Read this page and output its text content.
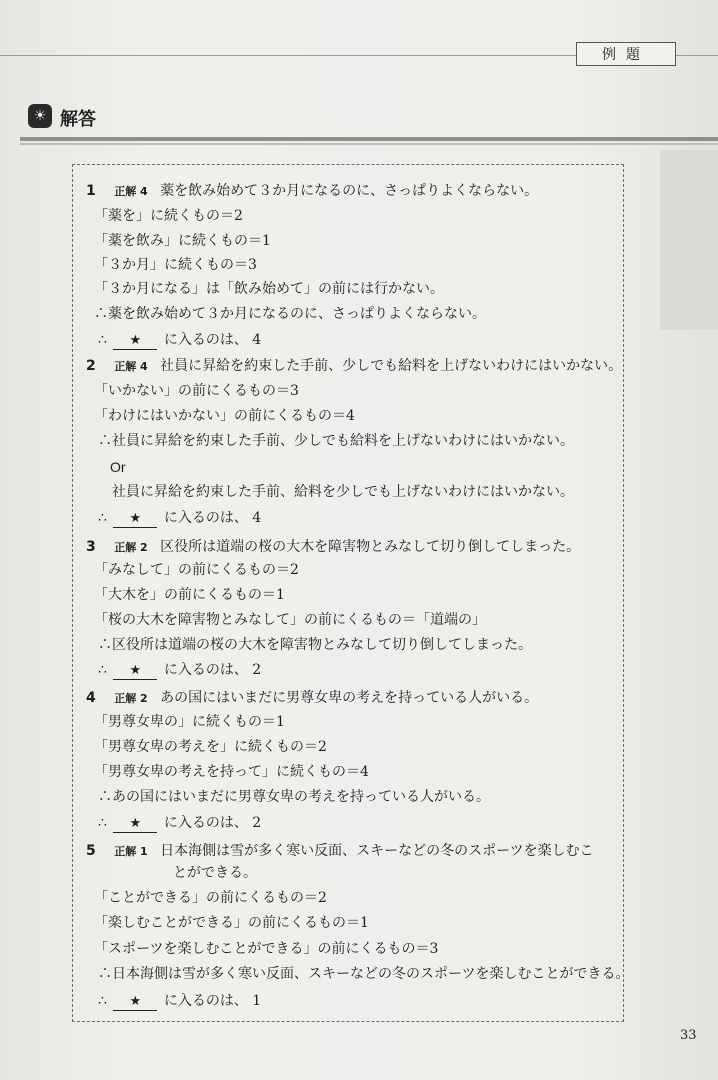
例題
☀ 解答
1 正解 4 薬を飲み始めて３か月になるのに、さっぱりよくならない。
「薬を」に続くもの＝2
「薬を飲み」に続くもの＝1
「３か月」に続くもの＝3
「３か月になる」は「飲み始めて」の前には行かない。
∴薬を飲み始めて３か月になるのに、さっぱりよくならない。
∴ ★ に入るのは、 4
2 正解 4 社員に昇給を約束した手前、少しでも給料を上げないわけにはいかない。
「いかない」の前にくるもの＝3
「わけにはいかない」の前にくるもの＝4
∴社員に昇給を約束した手前、少しでも給料を上げないわけにはいかない。
Or
社員に昇給を約束した手前、給料を少しでも上げないわけにはいかない。
∴ ★ に入るのは、 4
3 正解 2 区役所は道端の桜の大木を障害物とみなして切り倒してしまった。
「みなして」の前にくるもの＝2
「大木を」の前にくるもの＝1
「桜の大木を障害物とみなして」の前にくるもの＝「道端の」
∴区役所は道端の桜の大木を障害物とみなして切り倒してしまった。
∴ ★ に入るのは、 2
4 正解 2 あの国にはいまだに男尊女卑の考えを持っている人がいる。
「男尊女卑の」に続くもの＝1
「男尊女卑の考えを」に続くもの＝2
「男尊女卑の考えを持って」に続くもの＝4
∴あの国にはいまだに男尊女卑の考えを持っている人がいる。
∴ ★ に入るのは、 2
5 正解 1 日本海側は雪が多く寒い反面、スキーなどの冬のスポーツを楽しむこ
とができる。
「ことができる」の前にくるもの＝2
「楽しむことができる」の前にくるもの＝1
「スポーツを楽しむことができる」の前にくるもの＝3
∴日本海側は雪が多く寒い反面、スキーなどの冬のスポーツを楽しむことができる。
∴ ★ に入るのは、 1
33
